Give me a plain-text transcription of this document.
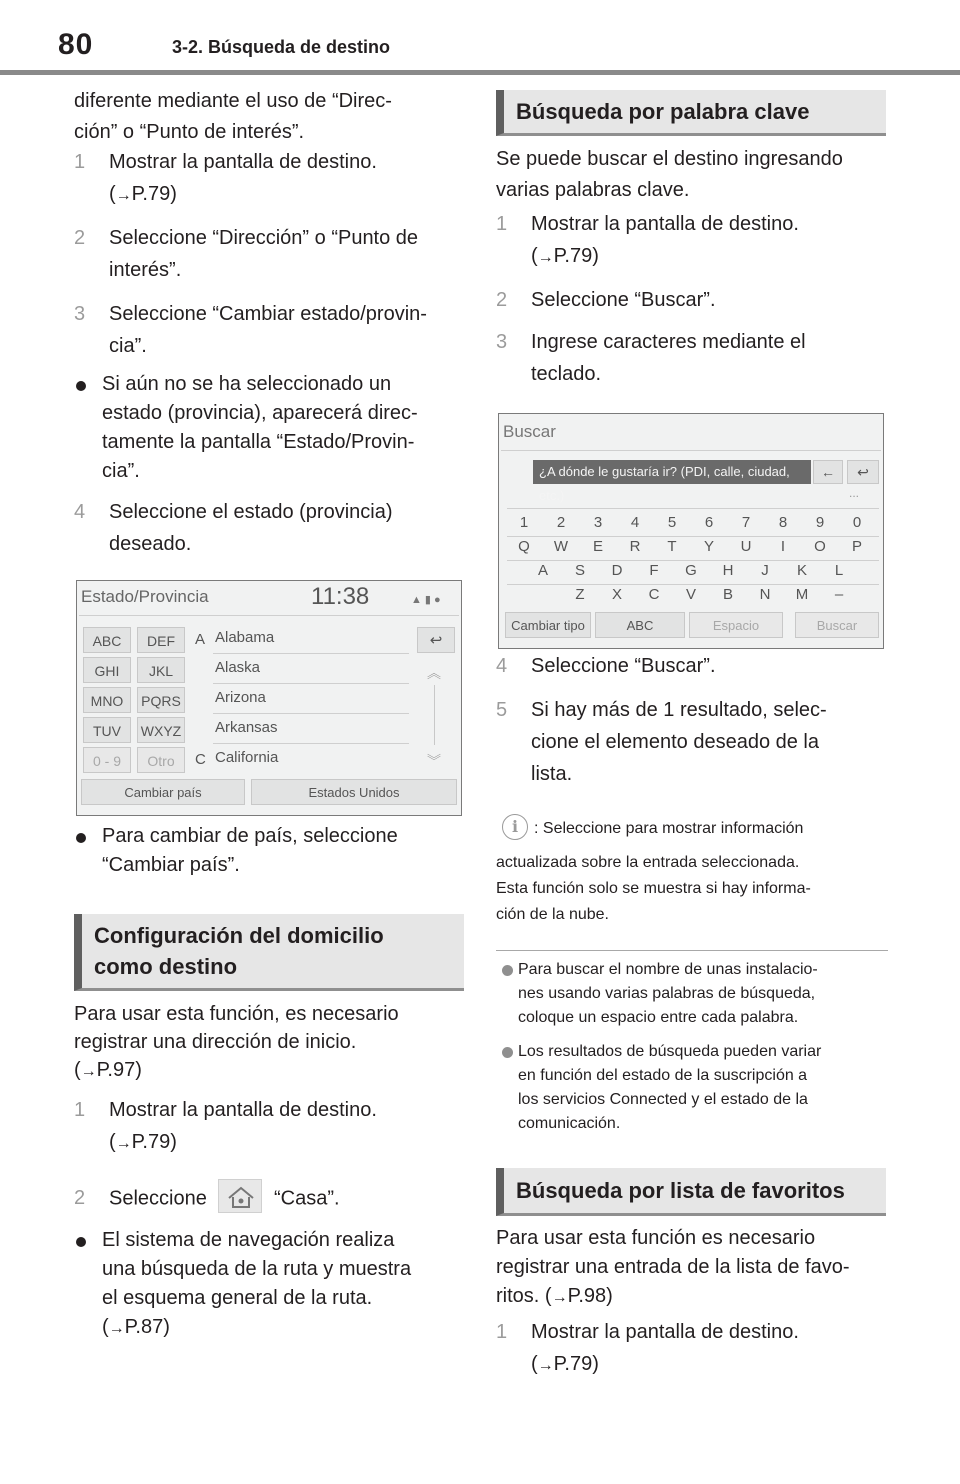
80	3-2. Búsqueda de destino
diferente mediante el uso de “Direc-
ción” o “Punto de interés”.
1 Mostrar la pantalla de destino.
(→P.79)
2 Seleccione “Dirección” o “Punto de
interés”.
3 Seleccione “Cambiar estado/provin-
cia”.
Si aún no se ha seleccionado un
estado (provincia), aparecerá direc-
tamente la pantalla “Estado/Provin-
cia”.
4 Seleccione el estado (provincia)
deseado.
Estado/Provincia	11:38	▲▮●
ABC	DEF
GHI	JKL
MNO	PQRS
TUV	WXYZ
0 - 9	Otro
A
C
Alabama
Alaska
Arizona
Arkansas
California
↩
︽
︾
Cambiar país	Estados Unidos
Para cambiar de país, seleccione
“Cambiar país”.
Configuración del domicilio
como destino
Para usar esta función, es necesario
registrar una dirección de inicio.
(→P.97)
1 Mostrar la pantalla de destino.
(→P.79)
2 Seleccione	“Casa”.
El sistema de navegación realiza
una búsqueda de la ruta y muestra
el esquema general de la ruta.
(→P.87)
Búsqueda por palabra clave
Se puede buscar el destino ingresando
varias palabras clave.
1 Mostrar la pantalla de destino.
(→P.79)
2 Seleccione “Buscar”.
3 Ingrese caracteres mediante el
teclado.
Buscar
¿A dónde le gustaría ir? (PDI, calle, ciudad, etc.)
←	↩
...
1	2	3	4	5	6	7	8	9	0
Q	W	E	R	T	Y	U	I	O	P
A	S	D	F	G	H	J	K	L
Z	X	C	V	B	N	M	–
Cambiar tipo	ABC	Espacio	Buscar
4 Seleccione “Buscar”.
5 Si hay más de 1 resultado, selec-
cione el elemento deseado de la
lista.
i : Seleccione para mostrar información
actualizada sobre la entrada seleccionada.
Esta función solo se muestra si hay informa-
ción de la nube.
Para buscar el nombre de unas instalacio-
nes usando varias palabras de búsqueda,
coloque un espacio entre cada palabra.
Los resultados de búsqueda pueden variar
en función del estado de la suscripción a
los servicios Connected y el estado de la
comunicación.
Búsqueda por lista de favoritos
Para usar esta función es necesario
registrar una entrada de la lista de favo-
ritos. (→P.98)
1 Mostrar la pantalla de destino.
(→P.79)
